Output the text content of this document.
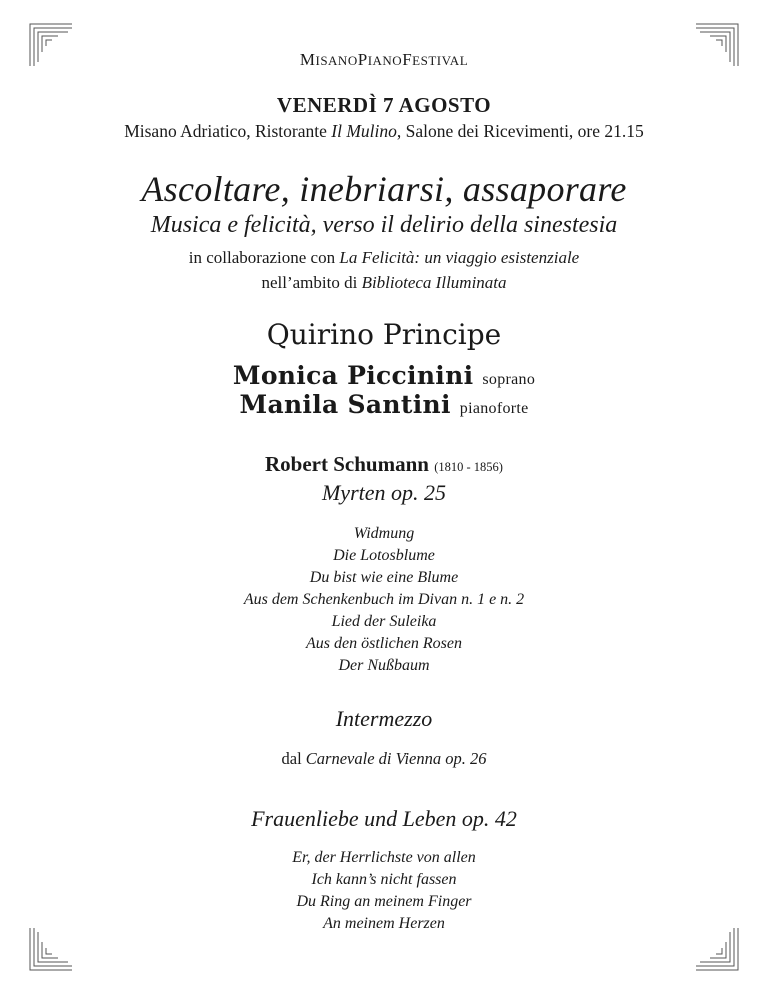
MISANOPIANOFESTIVAL
VENERDÌ 7 AGOSTO
Misano Adriatico, Ristorante Il Mulino, Salone dei Ricevimenti, ore 21.15
Ascoltare, inebriarsi, assaporare
Musica e felicità, verso il delirio della sinestesia
in collaborazione con La Felicità: un viaggio esistenziale
nell’ambito di Biblioteca Illuminata
Quirino Principe
Monica Piccinini soprano
Manila Santini pianoforte
Robert Schumann (1810 - 1856)
Myrten op. 25
Widmung
Die Lotosblume
Du bist wie eine Blume
Aus dem Schenkenbuch im Divan n. 1 e n. 2
Lied der Suleika
Aus den östlichen Rosen
Der Nußbaum
Intermezzo
dal Carnevale di Vienna op. 26
Frauenliebe und Leben op. 42
Er, der Herrlichste von allen
Ich kann’s nicht fassen
Du Ring an meinem Finger
An meinem Herzen
